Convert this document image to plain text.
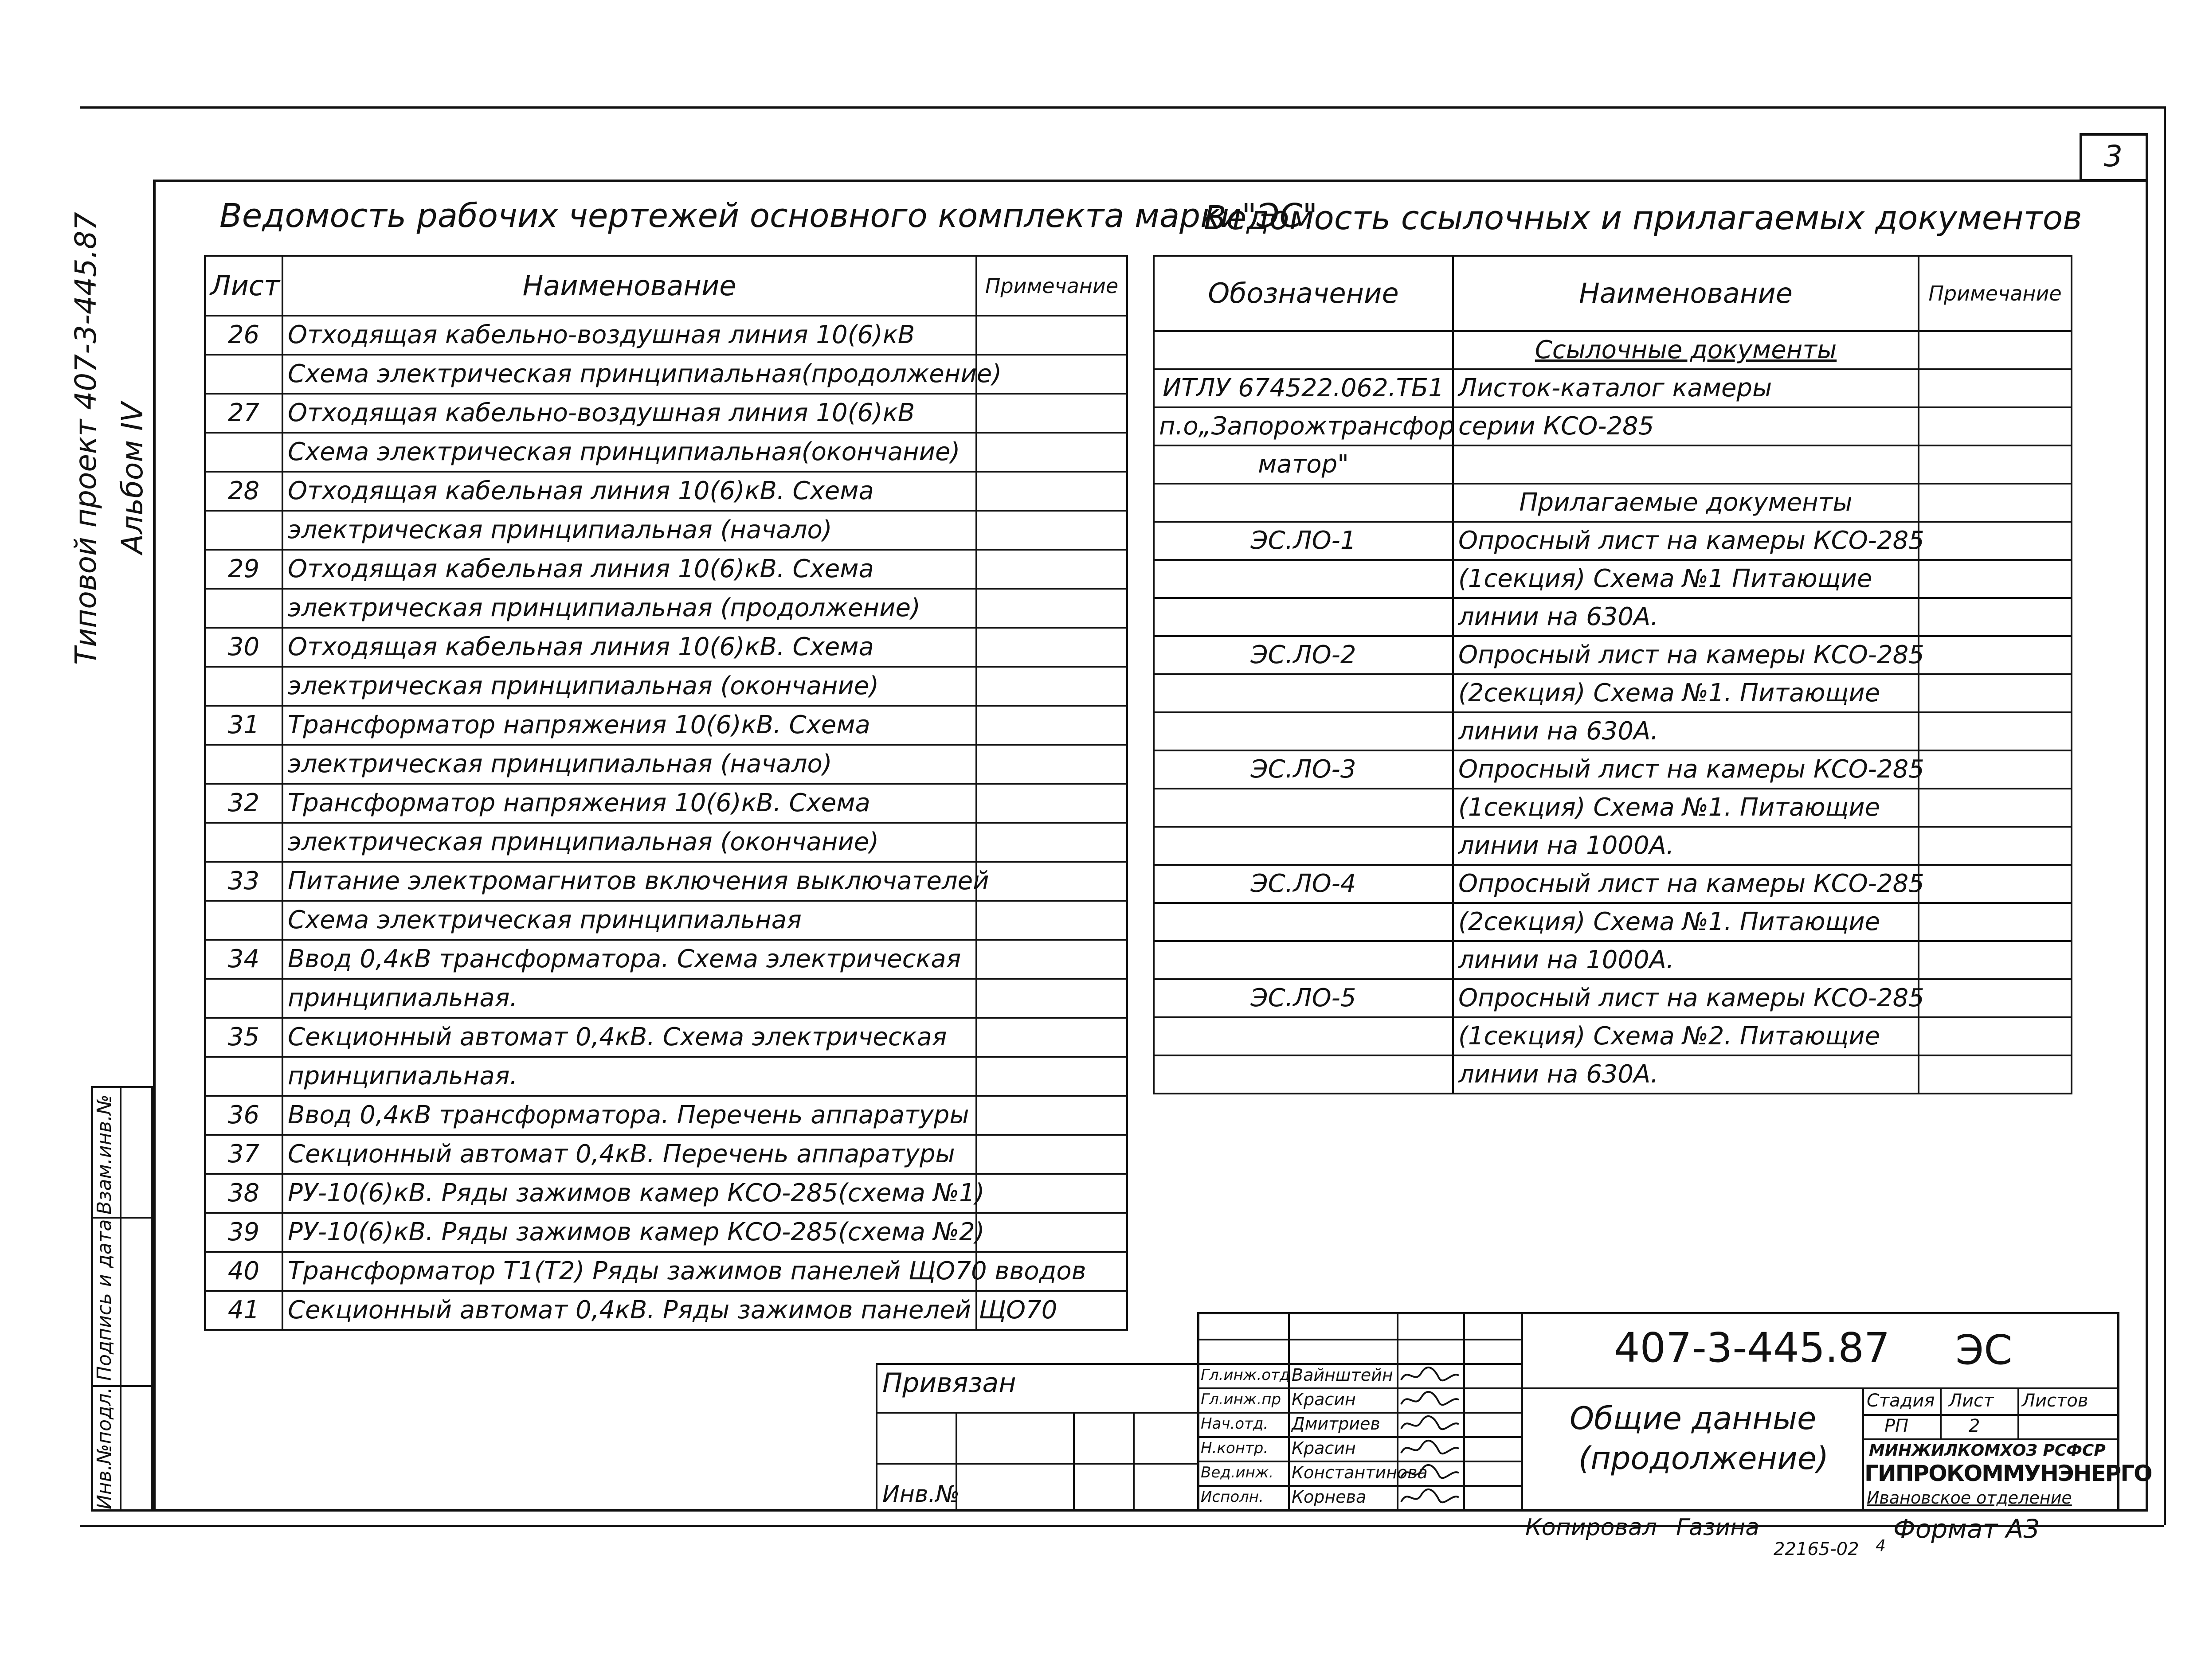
3
Типовой проект 407-3-445.87 Альбом IV
Ведомость рабочих чертежей основного комплекта марки"ЭС"
Лист	Наименование	Примечание
26	Отходящая кабельно-воздушная линия 10(6)кВ	
	Схема электрическая принципиальная(продолжение)	
27	Отходящая кабельно-воздушная линия 10(6)кВ	
	Схема электрическая принципиальная(окончание)	
28	Отходящая кабельная линия 10(6)кВ. Схема	
	электрическая принципиальная (начало)	
29	Отходящая кабельная линия 10(6)кВ. Схема	
	электрическая принципиальная (продолжение)	
30	Отходящая кабельная линия 10(6)кВ. Схема	
	электрическая принципиальная (окончание)	
31	Трансформатор напряжения 10(6)кВ. Схема	
	электрическая принципиальная (начало)	
32	Трансформатор напряжения 10(6)кВ. Схема	
	электрическая принципиальная (окончание)	
33	Питание электромагнитов включения выключателей	
	Схема электрическая принципиальная	
34	Ввод 0,4кВ трансформатора. Схема электрическая	
	принципиальная.	
35	Секционный автомат 0,4кВ. Схема электрическая	
	принципиальная.	
36	Ввод 0,4кВ трансформатора. Перечень аппаратуры	
37	Секционный автомат 0,4кВ. Перечень аппаратуры	
38	РУ-10(6)кВ. Ряды зажимов камер КСО-285(схема №1)	
39	РУ-10(6)кВ. Ряды зажимов камер КСО-285(схема №2)	
40	Трансформатор Т1(Т2) Ряды зажимов панелей ЩО70 вводов	
41	Секционный автомат 0,4кВ. Ряды зажимов панелей ЩО70	
Ведомость ссылочных и прилагаемых документов
Обозначение	Наименование	Примечание
	Ссылочные документы	
ИТЛУ 674522.062.ТБ1	Листок-каталог камеры	
п.о„Запорожтрансфор	серии КСО-285	
матор"		
	Прилагаемые документы	
ЭС.ЛО-1	Опросный лист на камеры КСО-285	
	(1секция) Схема №1 Питающие	
	линии на 630А.	
ЭС.ЛО-2	Опросный лист на камеры КСО-285	
	(2секция) Схема №1. Питающие	
	линии на 630А.	
ЭС.ЛО-3	Опросный лист на камеры КСО-285	
	(1секция) Схема №1. Питающие	
	линии на 1000А.	
ЭС.ЛО-4	Опросный лист на камеры КСО-285	
	(2секция) Схема №1. Питающие	
	линии на 1000А.	
ЭС.ЛО-5	Опросный лист на камеры КСО-285	
	(1секция) Схема №2. Питающие	
	линии на 630А.	
Взам.инв.№
Подпись и дата
Инв.№подл.
Привязан
Инв.№
Гл.инж.отд Вайнштейн
Гл.инж.пр Красин
Нач.отд. Дмитриев
Н.контр. Красин
Вед.инж. Константинова
Исполн. Корнева
407-3-445.87 ЭС
Общие данные
(продолжение)
Стадия Лист Листов
РП	2
МИНЖИЛКОМХОЗ РСФСР
ГИПРОКОММУНЭНЕРГО
Ивановское отделение
Копировал Газина	Формат А3
22165-02 4
